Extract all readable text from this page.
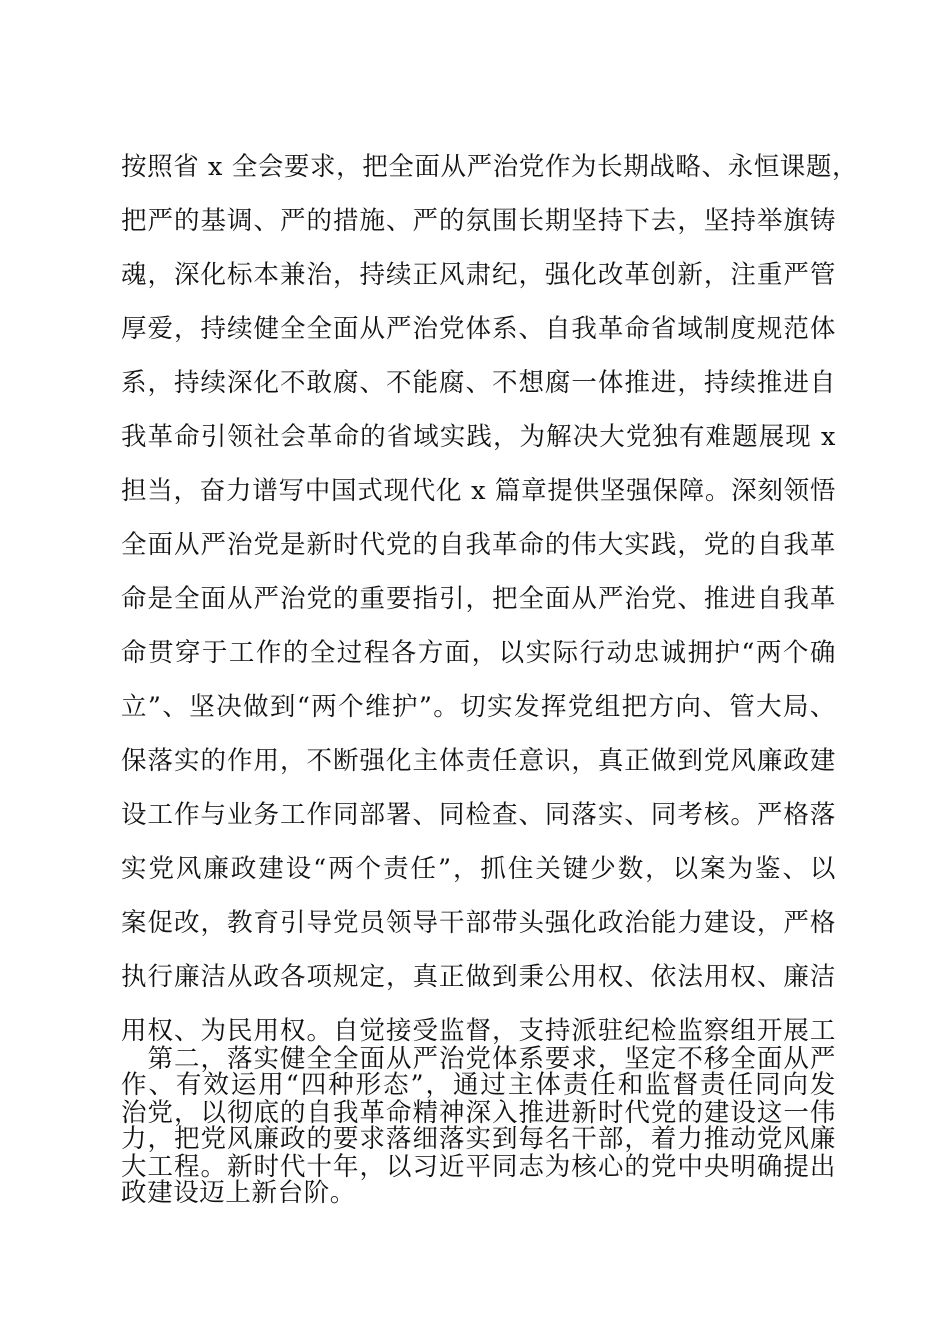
按照省 x 全会要求，把全面从严治党作为长期战略、永恒课题，
把严的基调、严的措施、严的氛围长期坚持下去，坚持举旗铸
魂，深化标本兼治，持续正风肃纪，强化改革创新，注重严管
厚爱，持续健全全面从严治党体系、自我革命省域制度规范体
系，持续深化不敢腐、不能腐、不想腐一体推进，持续推进自
我革命引领社会革命的省域实践，为解决大党独有难题展现 x
担当，奋力谱写中国式现代化 x 篇章提供坚强保障。深刻领悟
全面从严治党是新时代党的自我革命的伟大实践，党的自我革
命是全面从严治党的重要指引，把全面从严治党、推进自我革
命贯穿于工作的全过程各方面，以实际行动忠诚拥护“两个确
立”、坚决做到“两个维护”。切实发挥党组把方向、管大局、
保落实的作用，不断强化主体责任意识，真正做到党风廉政建
设工作与业务工作同部署、同检查、同落实、同考核。严格落
实党风廉政建设“两个责任”，抓住关键少数，以案为鉴、以
案促改，教育引导党员领导干部带头强化政治能力建设，严格
执行廉洁从政各项规定，真正做到秉公用权、依法用权、廉洁
用权、为民用权。自觉接受监督，支持派驻纪检监察组开展工
作、有效运用“四种形态”，通过主体责任和监督责任同向发
力，把党风廉政的要求落细落实到每名干部，着力推动党风廉
政建设迈上新台阶。
　第二，落实健全全面从严治党体系要求，坚定不移全面从严
治党，以彻底的自我革命精神深入推进新时代党的建设这一伟
大工程。新时代十年，以习近平同志为核心的党中央明确提出
